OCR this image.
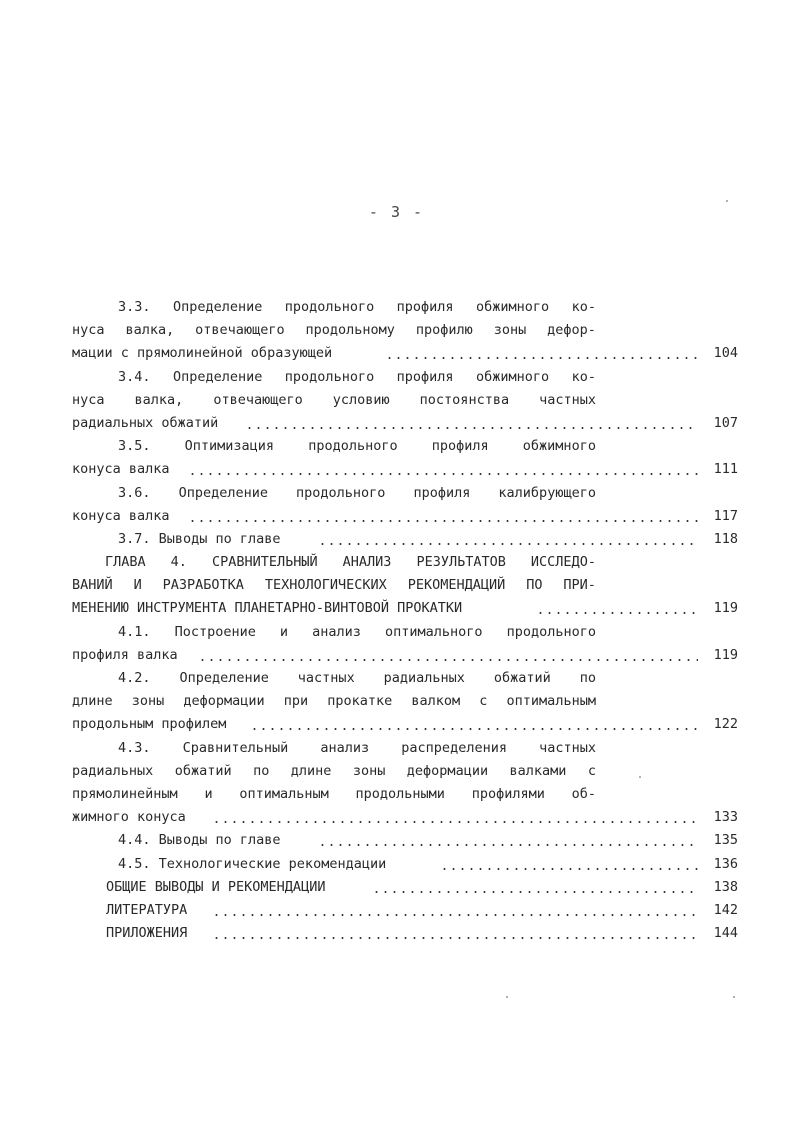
- 3 -
3.3. Определение продольного профиля обжимного ко-
нуса валка, отвечающего продольному профилю зоны дефор-
мации с прямолинейной образующей	104
3.4. Определение продольного профиля обжимного ко-
нуса валка, отвечающего условию постоянства частных
радиальных обжатий	107
3.5.	Оптимизация	продольного	профиля	обжимного
конуса валка	111
3.6. Определение продольного профиля калибрующего
конуса валка	117
3.7. Выводы по главе	118
ГЛАВА 4. СРАВНИТЕЛЬНЫЙ АНАЛИЗ РЕЗУЛЬТАТОВ ИССЛЕДО-
ВАНИЙ И РАЗРАБОТКА ТЕХНОЛОГИЧЕСКИХ РЕКОМЕНДАЦИЙ ПО ПРИ-
МЕНЕНИЮ ИНСТРУМЕНТА ПЛАНЕТАРНО-ВИНТОВОЙ ПРОКАТКИ	119
4.1. Построение и анализ оптимального продольного
профиля валка	119
4.2. Определение частных радиальных обжатий по
длине зоны деформации при прокатке валком с оптимальным
продольным профилем	122
4.3. Сравнительный анализ распределения частных
радиальных обжатий по длине зоны деформации валками с
прямолинейным и оптимальным продольными профилями об-
жимного конуса	133
4.4. Выводы по главе	135
4.5. Технологические рекомендации	136
ОБЩИЕ ВЫВОДЫ И РЕКОМЕНДАЦИИ	138
ЛИТЕРАТУРА	142
ПРИЛОЖЕНИЯ	144
